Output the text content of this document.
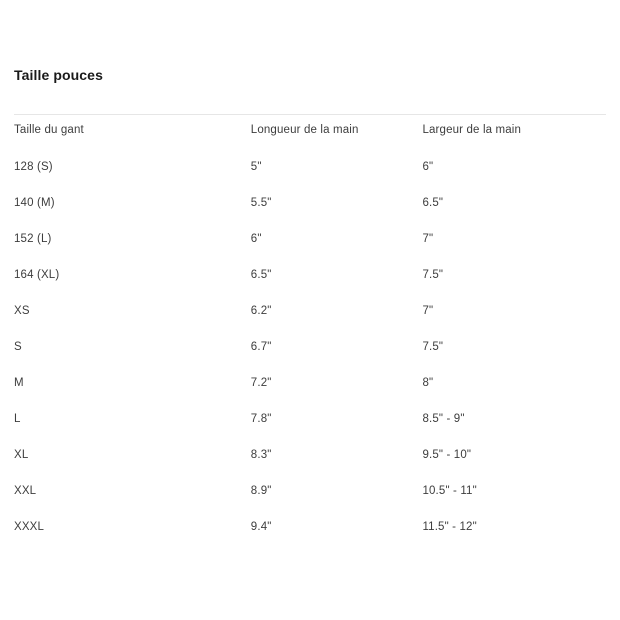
Taille pouces
Taille du gant	Longueur de la main	Largeur de la main
128 (S)	5"	6"
140 (M)	5.5"	6.5"
152 (L)	6"	7"
164 (XL)	6.5"	7.5"
XS	6.2"	7"
S	6.7"	7.5"
M	7.2"	8"
L	7.8"	8.5" - 9"
XL	8.3"	9.5" - 10"
XXL	8.9"	10.5" - 11"
XXXL	9.4"	11.5" - 12"
